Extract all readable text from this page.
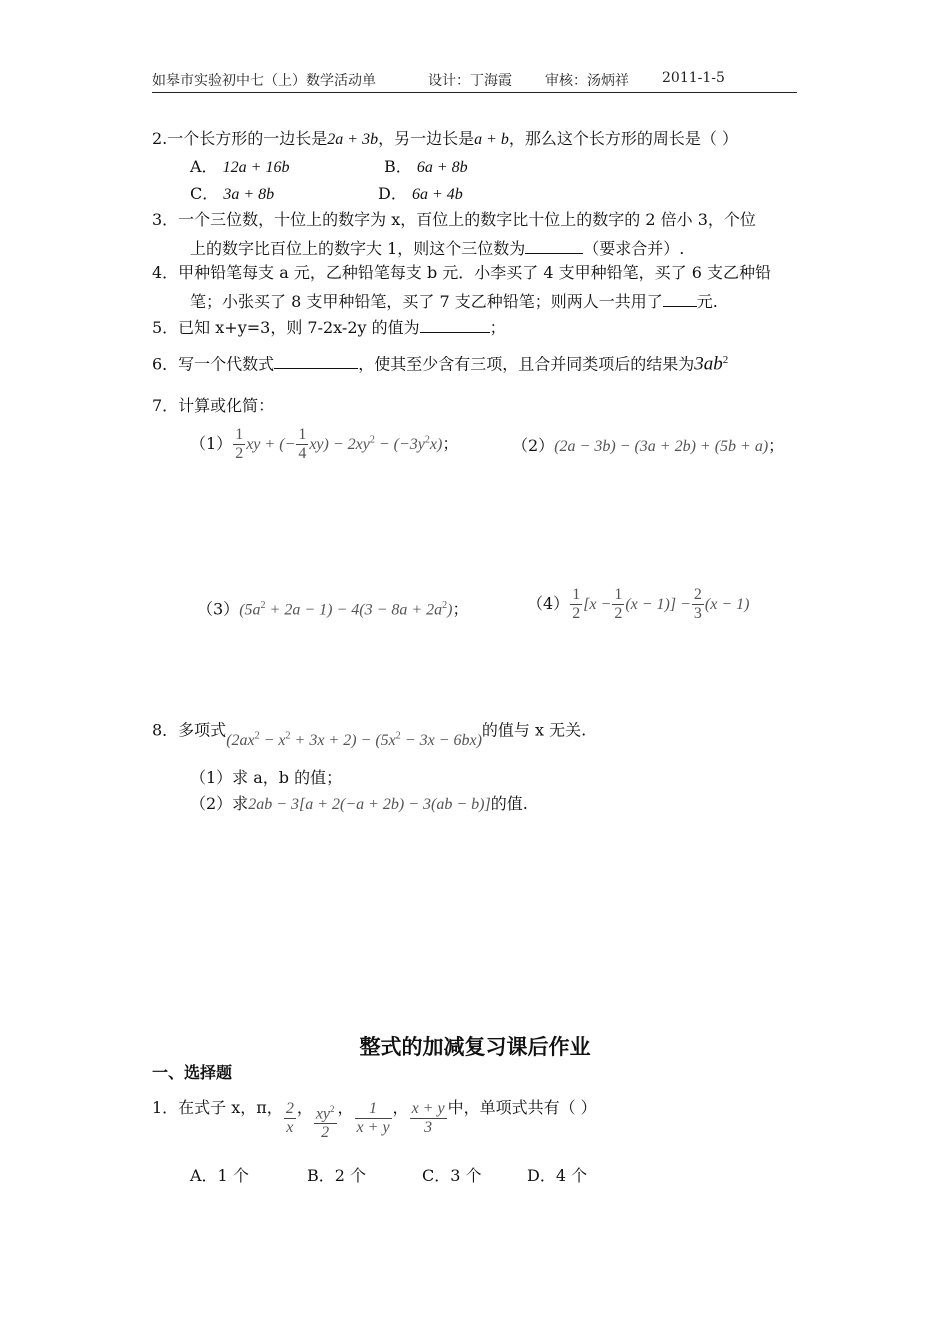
如皋市实验初中七（上）数学活动单	设计：丁海霞 审核：汤炳祥 2011-1-5
2.一个长方形的一边长是2a + 3b，另一边长是a + b，那么这个长方形的周长是（ ）
A． 12a + 16b	B． 6a + 8b
C． 3a + 8b	D． 6a + 4b
3．一个三位数，十位上的数字为 x，百位上的数字比十位上的数字的 2 倍小 3，个位
上的数字比百位上的数字大 1，则这个三位数为	（要求合并）.
4．甲种铅笔每支 a 元，乙种铅笔每支 b 元．小李买了 4 支甲种铅笔，买了 6 支乙种铅
笔；小张买了 8 支甲种铅笔，买了 7 支乙种铅笔；则两人一共用了 元.
5．已知 x+y=3，则 7-2x-2y 的值为	；
6．写一个代数式	，使其至少含有三项，且合并同类项后的结果为$3ab^2$
7．计算或化简：
$(1) \frac{1}{2}$ xy + (− $\frac{1}{4} xy) - 2xy^2 - (-3y^2x)$；	（2）(2a − 3b) − (3a + 2b) + (5b + a)；
$(3)(5a^2 + 2a - 1) - 4(3 - 8a + 2a^2)$；	$(4) \frac{1}{2} [x - \frac{1}{2} (x - 1)] - \frac{2}{3} (x - 1)$
8．多项式$(2ax^2 - x^2 + 3x + 2) - (5x^2 - 3x - 6bx)$的值与 x 无关.
（1）求 a，b 的值；
（2）求2ab − 3[a + 2(−a + 2b) − 3(ab − b)]的值.
整式的加减复习课后作业
一、选择题
1．在式子 x，π， $\frac{2}{x}$ ， $\frac{xy^2}{2}$ ， $\frac{1}{x + y}$ ， $\frac{x + y}{3}$ 中，单项式共有（ ）
A．1 个	B．2 个	C．3 个	D．4 个
